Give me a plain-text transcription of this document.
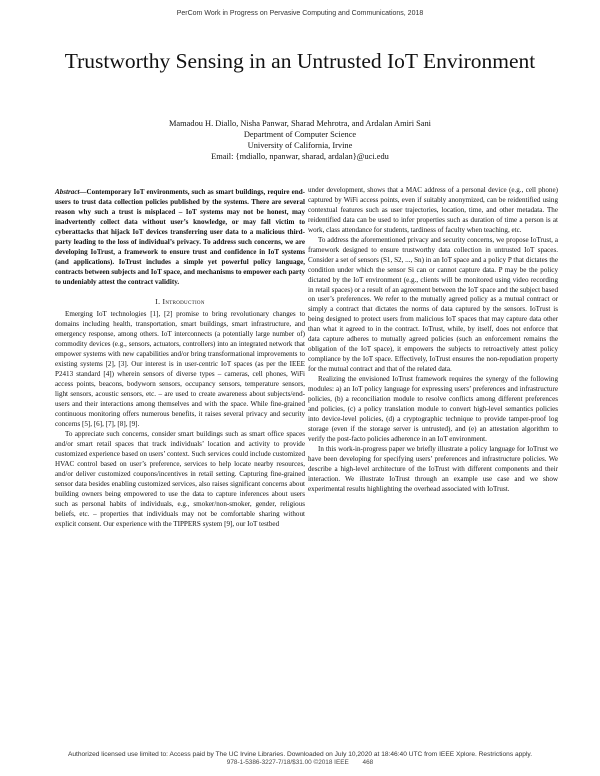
PerCom Work in Progress on Pervasive Computing and Communications, 2018
Trustworthy Sensing in an Untrusted IoT Environment
Mamadou H. Diallo, Nisha Panwar, Sharad Mehrotra, and Ardalan Amiri Sani
Department of Computer Science
University of California, Irvine
Email: {mdiallo, npanwar, sharad, ardalan}@uci.edu

Abstract—Contemporary IoT environments, such as smart buildings, require end-users to trust data collection policies published by the systems. There are several reason why such a trust is misplaced – IoT systems may not be honest, may inadvertently collect data without user’s knowledge, or may fall victim to cyberattacks that hijack IoT devices transferring user data to a malicious third-party leading to the loss of individual’s privacy. To address such concerns, we are developing IoTrust, a framework to ensure trust and confidence in IoT systems (and applications). IoTrust includes a simple yet powerful policy language, contracts between subjects and IoT space, and mechanisms to empower each party to undeniably attest the contract validity.

I. Introduction

Emerging IoT technologies [1], [2] promise to bring revolutionary changes to domains including health, transportation, smart buildings, smart infrastructure, and emergency response, among others. IoT interconnects (a potentially large number of) commodity devices (e.g., sensors, actuators, controllers) into an integrated network that empower systems with new capabilities and/or bring transformational improvements to existing systems [2], [3]. Our interest is in user-centric IoT spaces (as per the IEEE P2413 standard [4]) wherein sensors of diverse types – cameras, cell phones, WiFi access points, beacons, bodyworn sensors, occupancy sensors, temperature sensors, light sensors, acoustic sensors, etc. – are used to create awareness about subjects/end-users and their interactions among themselves and with the space. While fine-grained continuous monitoring offers numerous benefits, it raises several privacy and security concerns [5], [6], [7], [8], [9].

To appreciate such concerns, consider smart buildings such as smart office spaces and/or smart retail spaces that track individuals’ location and activity to provide customized experience based on users’ context. Such services could include customized HVAC control based on user’s preference, services to help locate nearby resources, and/or deliver customized coupons/incentives in retail setting. Capturing fine-grained sensor data besides enabling customized services, also raises significant concerns about building owners being empowered to use the data to capture inferences about users such as personal habits of individuals, e.g., smoker/non-smoker, gender, religious beliefs, etc. – properties that individuals may not be comfortable sharing without explicit consent. Our experience with the TIPPERS system [9], our IoT testbed

under development, shows that a MAC address of a personal device (e.g., cell phone) captured by WiFi access points, even if suitably anonymized, can be reidentified using contextual features such as user trajectories, location, time, and other metadata. The reidentified data can be used to infer properties such as duration of time a person is at work, class attendance for students, tardiness of faculty when teaching, etc.

To address the aforementioned privacy and security concerns, we propose IoTrust, a framework designed to ensure trustworthy data collection in untrusted IoT spaces. Consider a set of sensors (S1, S2, ..., Sn) in an IoT space and a policy P that dictates the condition under which the sensor Si can or cannot capture data. P may be the policy dictated by the IoT environment (e.g., clients will be monitored using video recording in retail spaces) or a result of an agreement between the IoT space and the subject based on user’s preferences. We refer to the mutually agreed policy as a mutual contract or simply a contract that dictates the norms of data captured by the sensors. IoTrust is being designed to protect users from malicious IoT spaces that may capture data other than what it agreed to in the contract. IoTrust, while, by itself, does not enforce that data capture adheres to mutually agreed policies (such an enforcement remains the obligation of the IoT space), it empowers the subjects to retroactively attest policy compliance by the IoT space. Effectively, IoTrust ensures the non-repudiation property for the mutual contract and that of the related data.

Realizing the envisioned IoTrust framework requires the synergy of the following modules: a) an IoT policy language for expressing users’ preferences and infrastructure policies, (b) a reconciliation module to resolve conflicts among different preferences and policies, (c) a policy translation module to convert high-level semantics policies into device-level policies, (d) a cryptographic technique to provide tamper-proof log storage (even if the storage server is untrusted), and (e) an attestation algorithm to verify the post-facto policies adherence in an IoT environment.

In this work-in-progress paper we briefly illustrate a policy language for IoTrust we have been developing for specifying users’ preferences and infrastructure policies. We describe a high-level architecture of the IoTrust with different components and their interaction. We illustrate IoTrust through an example use case and we show experimental results highlighting the overhead associated with IoTrust.

978-1-5386-3227-7/18/$31.00 ©2018 IEEE 468
Authorized licensed use limited to: Access paid by The UC Irvine Libraries. Downloaded on July 10,2020 at 18:46:40 UTC from IEEE Xplore. Restrictions apply.
